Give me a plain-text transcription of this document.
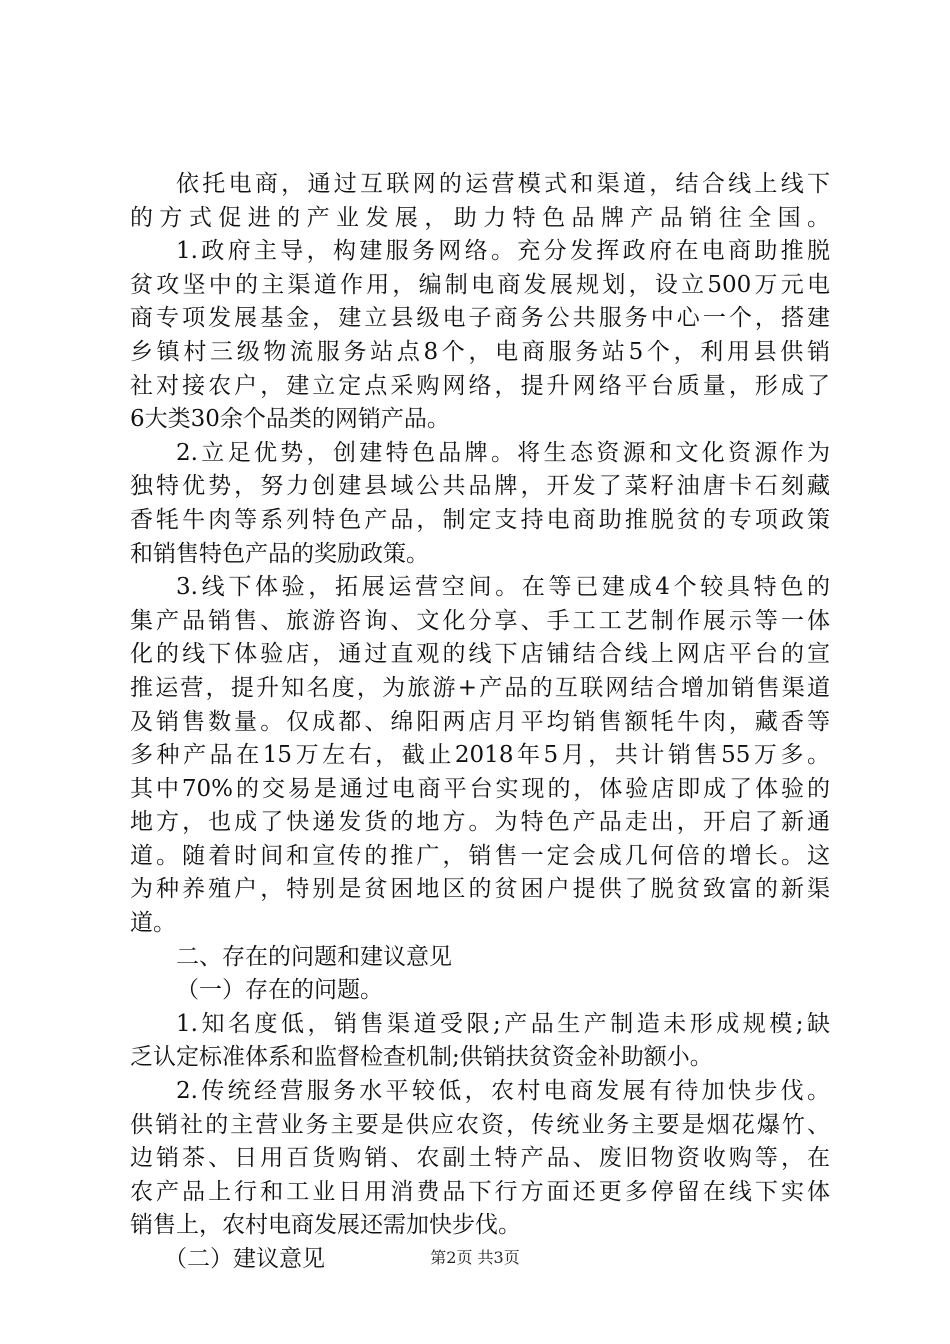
依托电商，通过互联网的运营模式和渠道，结合线上线下
的方式促进的产业发展，助力特色品牌产品销往全国。
1.政府主导，构建服务网络。充分发挥政府在电商助推脱
贫攻坚中的主渠道作用，编制电商发展规划，设立500万元电
商专项发展基金，建立县级电子商务公共服务中心一个，搭建
乡镇村三级物流服务站点8个，电商服务站5个，利用县供销
社对接农户，建立定点采购网络，提升网络平台质量，形成了
6大类30余个品类的网销产品。
2.立足优势，创建特色品牌。将生态资源和文化资源作为
独特优势，努力创建县域公共品牌，开发了菜籽油唐卡石刻藏
香牦牛肉等系列特色产品，制定支持电商助推脱贫的专项政策
和销售特色产品的奖励政策。
3.线下体验，拓展运营空间。在等已建成4个较具特色的
集产品销售、旅游咨询、文化分享、手工工艺制作展示等一体
化的线下体验店，通过直观的线下店铺结合线上网店平台的宣
推运营，提升知名度，为旅游+产品的互联网结合增加销售渠道
及销售数量。仅成都、绵阳两店月平均销售额牦牛肉，藏香等
多种产品在15万左右，截止2018年5月，共计销售55万多。
其中70%的交易是通过电商平台实现的，体验店即成了体验的
地方，也成了快递发货的地方。为特色产品走出，开启了新通
道。随着时间和宣传的推广，销售一定会成几何倍的增长。这
为种养殖户，特别是贫困地区的贫困户提供了脱贫致富的新渠
道。
二、存在的问题和建议意见
（一）存在的问题。
1.知名度低，销售渠道受限;产品生产制造未形成规模;缺
乏认定标准体系和监督检查机制;供销扶贫资金补助额小。
2.传统经营服务水平较低，农村电商发展有待加快步伐。
供销社的主营业务主要是供应农资，传统业务主要是烟花爆竹、
边销茶、日用百货购销、农副土特产品、废旧物资收购等，在
农产品上行和工业日用消费品下行方面还更多停留在线下实体
销售上，农村电商发展还需加快步伐。
（二）建议意见	第2页 共3页
